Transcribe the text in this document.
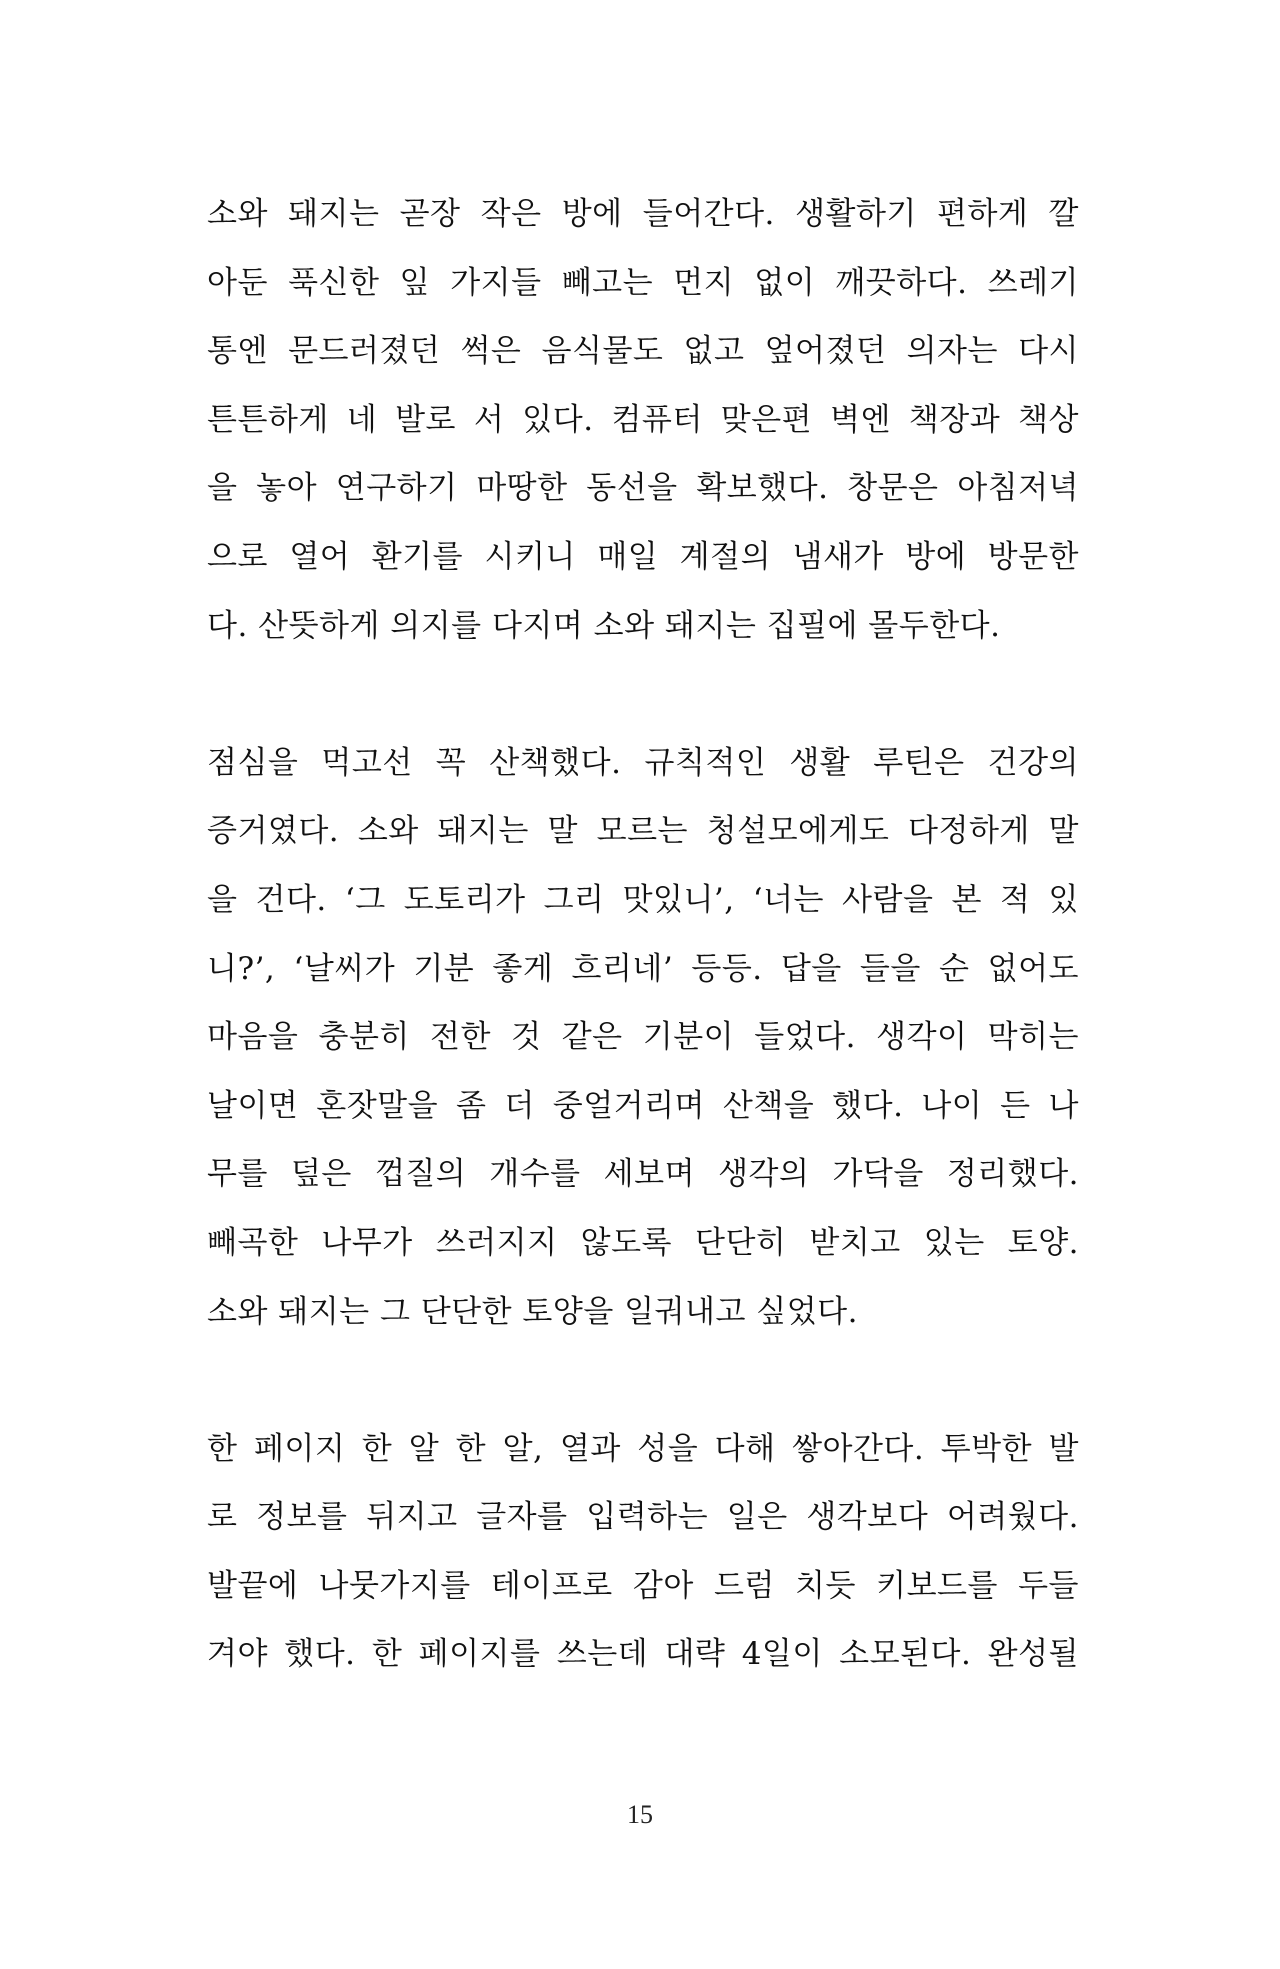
소와 돼지는 곧장 작은 방에 들어간다. 생활하기 편하게 깔
아둔 푹신한 잎 가지들 빼고는 먼지 없이 깨끗하다. 쓰레기
통엔 문드러졌던 썩은 음식물도 없고 엎어졌던 의자는 다시
튼튼하게 네 발로 서 있다. 컴퓨터 맞은편 벽엔 책장과 책상
을 놓아 연구하기 마땅한 동선을 확보했다. 창문은 아침저녁
으로 열어 환기를 시키니 매일 계절의 냄새가 방에 방문한
다. 산뜻하게 의지를 다지며 소와 돼지는 집필에 몰두한다.
점심을 먹고선 꼭 산책했다. 규칙적인 생활 루틴은 건강의
증거였다. 소와 돼지는 말 모르는 청설모에게도 다정하게 말
을 건다. ‘그 도토리가 그리 맛있니’, ‘너는 사람을 본 적 있
니?’, ‘날씨가 기분 좋게 흐리네’ 등등. 답을 들을 순 없어도
마음을 충분히 전한 것 같은 기분이 들었다. 생각이 막히는
날이면 혼잣말을 좀 더 중얼거리며 산책을 했다. 나이 든 나
무를 덮은 껍질의 개수를 세보며 생각의 가닥을 정리했다.
빼곡한 나무가 쓰러지지 않도록 단단히 받치고 있는 토양.
소와 돼지는 그 단단한 토양을 일궈내고 싶었다.
한 페이지 한 알 한 알, 열과 성을 다해 쌓아간다. 투박한 발
로 정보를 뒤지고 글자를 입력하는 일은 생각보다 어려웠다.
발끝에 나뭇가지를 테이프로 감아 드럼 치듯 키보드를 두들
겨야 했다. 한 페이지를 쓰는데 대략 4일이 소모된다. 완성될
15
